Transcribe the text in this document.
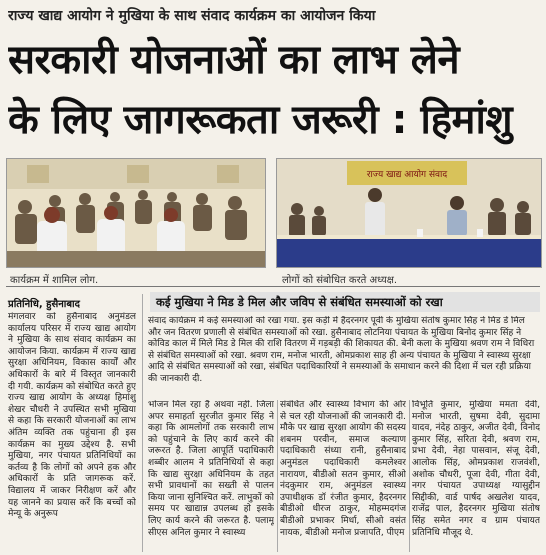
राज्य खाद्य आयोग ने मुखिया के साथ संवाद कार्यक्रम का आयोजन किया
सरकारी योजनाओं का लाभ लेने
के लिए जागरूकता जरूरी : हिमांशु
राज्य खाद्य आयोग संवाद
कार्यक्रम में शामिल लोग.	लोगों को संबोधित करते अध्यक्ष.
प्रतिनिधि, हुसैनाबाद	कई मुखिया ने मिड डे मिल और जविप से संबंधित समस्याओं को रखा
संवाद कार्यक्रम में कई समस्याओं को रखा गया. इस कड़ी में हैदरनगर पूर्वी के मुखिया संतोष कुमार सिंह ने मिड डे मिल और जन वितरण प्रणाली से संबंधित समस्याओं को रखा. हुसैनाबाद लोटनिया पंचायत के मुखिया बिनोद कुमार सिंह ने कोविड काल में मिले मिड डे मिल की राशि वितरण में गड़बड़ी की शिकायत की. बेनी कला के मुखिया श्रवण राम ने विधिरा से संबंधित समस्याओं को रखा. श्रवण राम, मनोज भारती, ओमप्रकाश साह ही अन्य पंचायत के मुखिया ने स्वास्थ्य सुरक्षा आदि से संबंधित समस्याओं को रखा, संबंधित पदाधिकारियों ने समस्याओं के समाधान करने की दिशा में चल रही प्रक्रिया की जानकारी दी.
मंगलवार को हुसैनाबाद अनुमंडल कार्यालय परिसर में राज्य खाद्य आयोग ने मुखिया के साथ संवाद कार्यक्रम का आयोजन किया. कार्यक्रम में राज्य खाद्य सुरक्षा अधिनियम, विकास कार्यों और अधिकारों के बारे में विस्तृत जानकारी दी गयी. कार्यक्रम को संबोधित करते हुए राज्य खाद्य आयोग के अध्यक्ष हिमांशु शेखर चौधरी ने उपस्थित सभी मुखिया से कहा कि सरकारी योजनाओं का लाभ अंतिम व्यक्ति तक पहुंचाना ही इस कार्यक्रम का मुख्य उद्देश्य है. सभी मुखिया, नगर पंचायत प्रतिनिधियों का कर्तव्य है कि लोगों को अपने हक और अधिकारों के प्रति जागरूक करें. विद्यालय में जाकर निरीक्षण करें और यह जानने का प्रयास करें कि बच्चों को मेन्यू के अनुरूप
भोजन मिल रहा है अथवा नहीं. जिला अपर समाहर्ता सुरजीत कुमार सिंह ने कहा कि आमलोगों तक सरकारी लाभ को पहुंचाने के लिए कार्य करने की जरूरत है. जिला आपूर्ति पदाधिकारी शब्बीर आलम ने प्रतिनिधियों से कहा कि खाद्य सुरक्षा अधिनियम के तहत सभी प्रावधानों का सख्ती से पालन किया जाना सुनिश्चित करें. लाभुकों को समय पर खाद्यान्न उपलब्ध हो इसके लिए कार्य करने की जरूरत है. पलामू सीएस अनिल कुमार ने स्वास्थ्य
संबंधित और स्वास्थ्य विभाग की ओर से चल रही योजनाओं की जानकारी दी. मौके पर खाद्य सुरक्षा आयोग की सदस्य शबनम परवीन, समाज कल्याण पदाधिकारी संध्या रानी, हुसैनाबाद अनुमंडल पदाधिकारी कमलेश्वर नारायण, बीडीओ सतन कुमार, सीओ नंदकुमार राम, अनुमंडल स्वास्थ्य उपाधीक्षक डॉ रंजीत कुमार, हैदरनगर बीडीओ धीरज ठाकुर, मोहम्मदगंज बीडीओ प्रभाकर मिर्धा, सीओ वसंत नायक, बीडीओ मनोज प्रजापति, पीएम
विभूति कुमार, मुखिया ममता देवी, मनोज भारती, सुषमा देवी, सुदामा यादव, नंदेह ठाकुर, अजीत देवी, विनोद कुमार सिंह, सरिता देवी, श्रवण राम, प्रभा देवी, नेहा पासवान, संजू देवी, आलोक सिंह, ओमप्रकाश राजवंशी, अशोक चौधरी, पूजा देवी, गीता देवी, नगर पंचायत उपाध्यक्ष ग्यासुद्दीन सिद्दीकी, वार्ड पार्षद अखलेश यादव, राजेंद्र पाल, हैदरनगर मुखिया संतोष सिंह समेत नगर व ग्राम पंचायत प्रतिनिधि मौजूद थे.
